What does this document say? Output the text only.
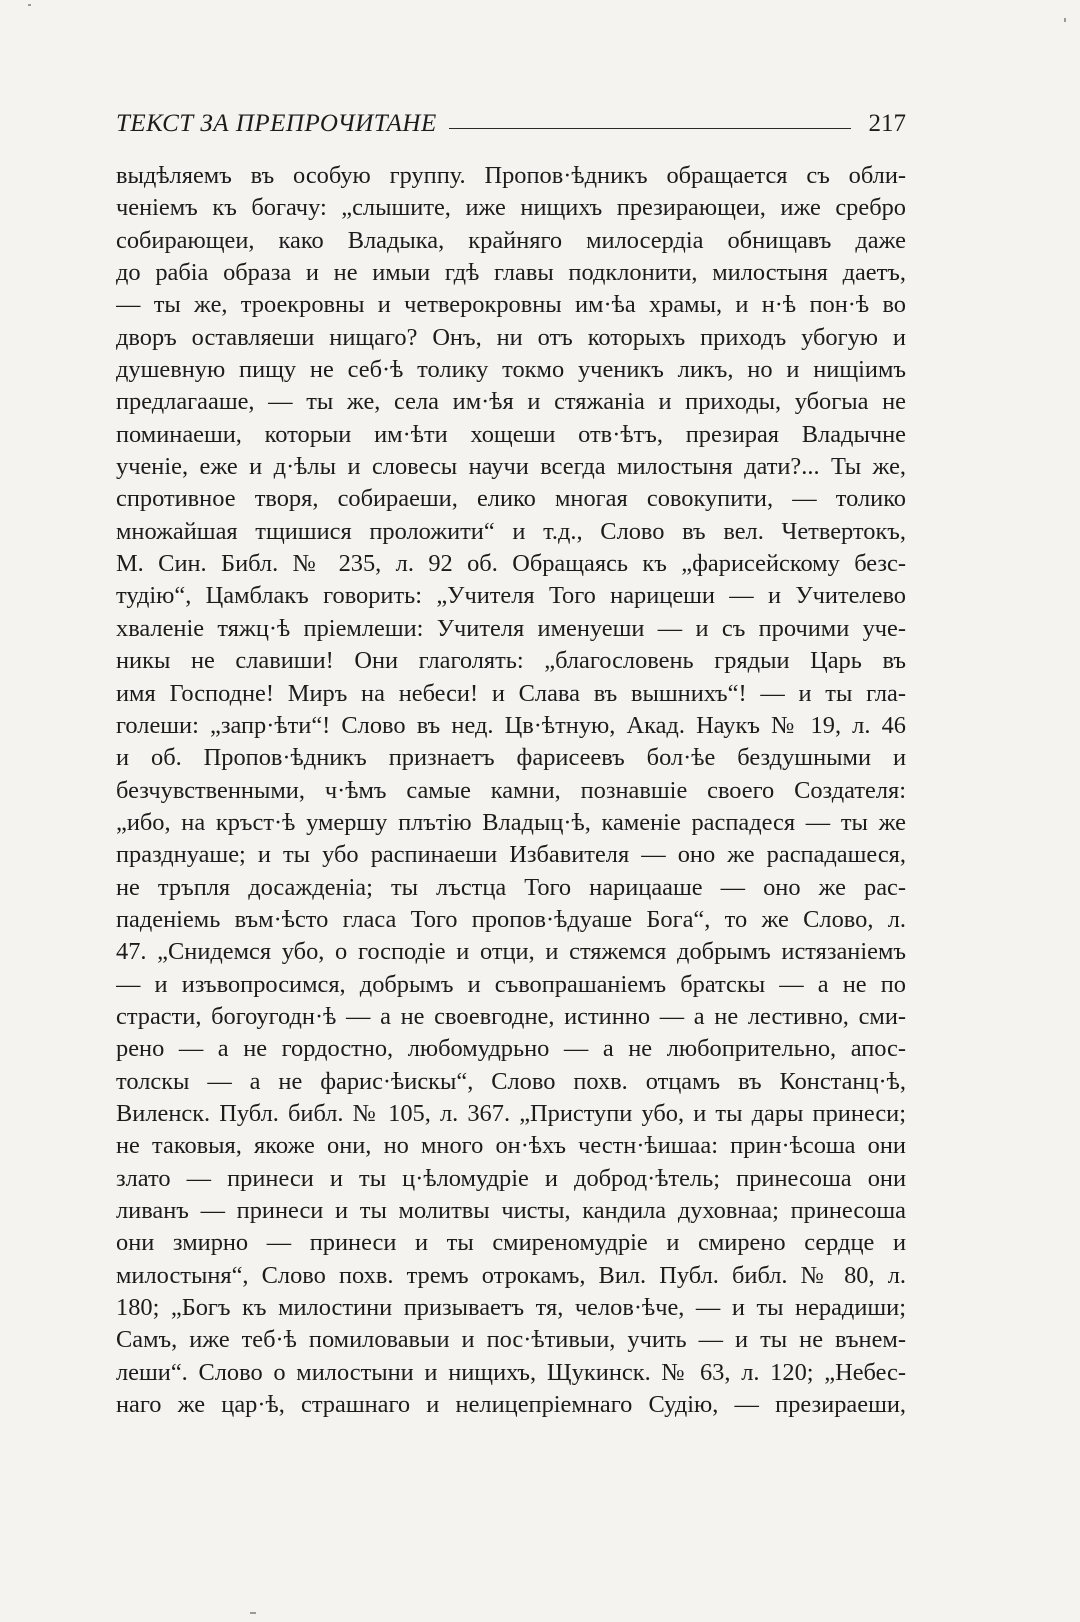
ТЕКСТ ЗА ПРЕПРОЧИТАНЕ	217
выдѣляемъ въ особую группу. Пропов·ѣдникъ обращается съ обли-
ченіемъ къ богачу: „слышите, иже нищихъ презирающеи, иже сребро
собирающеи, како Владыка, крайняго милосердіа обнищавъ даже
до рабіа образа и не имыи гдѣ главы подклонити, милостыня даетъ,
— ты же, троекровны и четверокровны им·ѣа храмы, и н·ѣ пон·ѣ во
дворъ оставляеши нищаго? Онъ, ни отъ которыхъ приходъ убогую и
душевную пищу не себ·ѣ толику токмо ученикъ ликъ, но и нищіимъ
предлагааше, — ты же, села им·ѣя и стяжаніа и приходы, убогыа не
поминаеши, которыи им·ѣти хощеши отв·ѣтъ, презирая Владычне
ученіе, еже и д·ѣлы и словесы научи всегда милостыня дати?... Ты же,
спротивное творя, собираеши, елико многая совокупити, — толико
множайшая тщишися проложити“ и т.д., Слово въ вел. Четвертокъ,
М. Син. Библ. № 235, л. 92 об. Обращаясь къ „фарисейскому безс-
тудію“, Цамблакъ говорить: „Учителя Того нарицеши — и Учителево
хваленіе тяжц·ѣ пріемлеши: Учителя именуеши — и съ прочими уче-
никы не славиши! Они глаголять: „благословень грядыи Царь въ
имя Господне! Миръ на небеси! и Слава въ вышнихъ“! — и ты гла-
голеши: „запр·ѣти“! Слово въ нед. Цв·ѣтную, Акад. Наукъ № 19, л. 46
и об. Пропов·ѣдникъ признаетъ фарисеевъ бол·ѣе бездушными и
безчувственными, ч·ѣмъ самые камни, познавшіе своего Создателя:
„ибо, на кръст·ѣ умершу плътію Владыц·ѣ, каменіе распадеся — ты же
празднуаше; и ты убо распинаеши Избавителя — оно же распадашеся,
не тръпля досажденіа; ты лъстца Того нарицааше — оно же рас-
паденіемь въм·ѣсто гласа Того пропов·ѣдуаше Бога“, то же Слово, л.
47. „Снидемся убо, о господіе и отци, и стяжемся добрымъ истязаніемъ
— и изъвопросимся, добрымъ и съвопрашаніемъ братскы — а не по
страсти, богоугодн·ѣ — а не своевгодне, истинно — а не лестивно, сми-
рено — а не гордостно, любомудрьно — а не любопрительно, апос-
толскы — а не фарис·ѣискы“, Слово похв. отцамъ въ Констанц·ѣ,
Виленск. Публ. библ. № 105, л. 367. „Приступи убо, и ты дары принеси;
не таковыя, якоже они, но много он·ѣхъ честн·ѣишаа: прин·ѣсоша они
злато — принеси и ты ц·ѣломудріе и доброд·ѣтель; принесоша они
ливанъ — принеси и ты молитвы чисты, кандила духовнаа; принесоша
они змирно — принеси и ты смиреномудріе и смирено сердце и
милостыня“, Слово похв. тремъ отрокамъ, Вил. Публ. библ. № 80, л.
180; „Богъ къ милостини призываетъ тя, челов·ѣче, — и ты нерадиши;
Самъ, иже теб·ѣ помиловавыи и пос·ѣтивыи, учить — и ты не вънем-
леши“. Слово о милостыни и нищихъ, Щукинск. № 63, л. 120; „Небес-
наго же цар·ѣ, страшнаго и нелицепріемнаго Судію, — презираеши,
